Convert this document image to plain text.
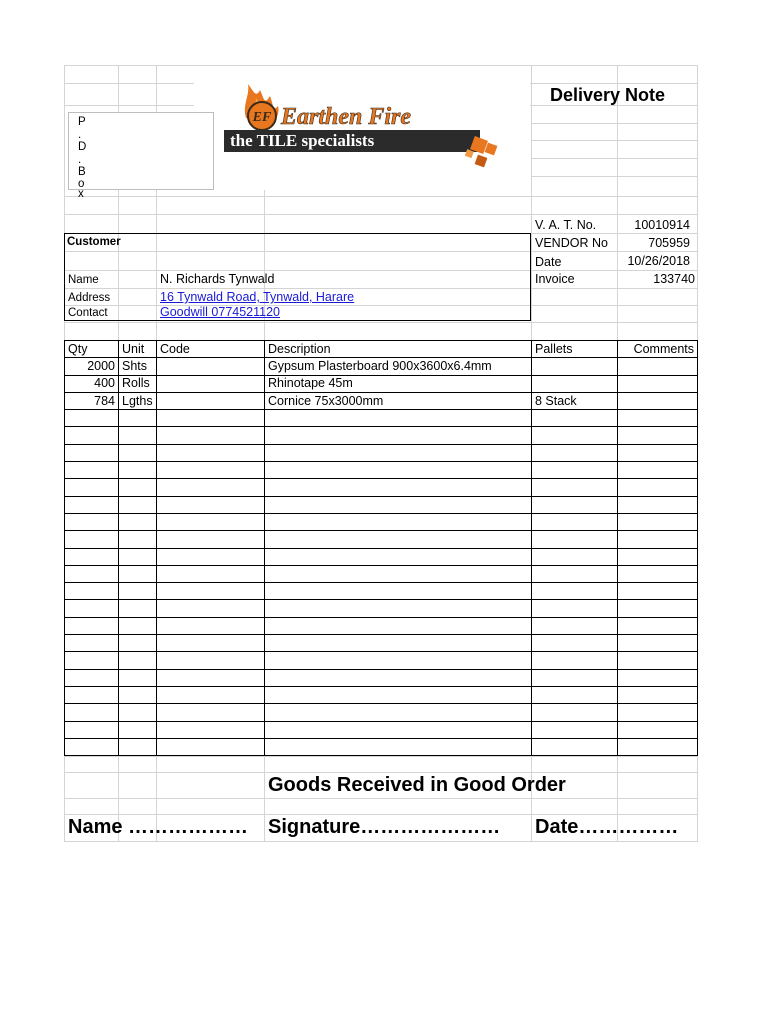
EF Earthen Fire
the TILE specialists
P
.
D
.
B
o
x
Delivery Note
V. A. T. No.	10010914
VENDOR No	705959
Date	10/26/2018
Invoice	133740
Customer
Name	N. Richards Tynwald
Address	16 Tynwald Road, Tynwald, Harare
Contact	Goodwill 0774521120
Qty	Unit	Code	Description	Pallets	Comments
2000	Shts		Gypsum Plasterboard 900x3600x6.4mm		
400	Rolls		Rhinotape 45m		
784	Lgths		Cornice 75x3000mm	8 Stack	

Goods Received in Good Order
Name ……………… Signature………………… Date……………
